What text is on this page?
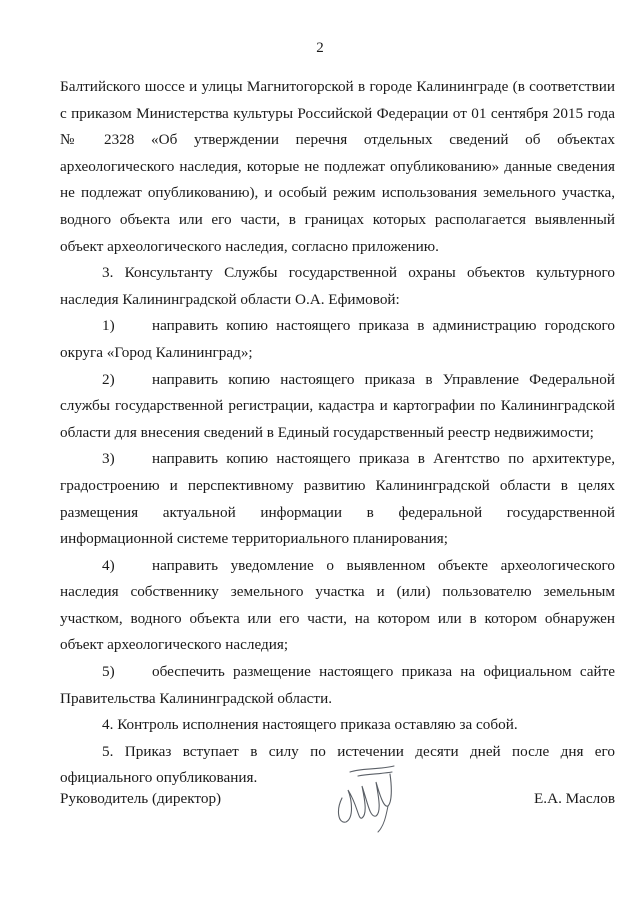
2

Балтийского шоссе и улицы Магнитогорской в городе Калининграде (в соответствии с приказом Министерства культуры Российской Федерации от 01 сентября 2015 года № 2328 «Об утверждении перечня отдельных сведений об объектах археологического наследия, которые не подлежат опубликованию» данные сведения не подлежат опубликованию), и особый режим использования земельного участка, водного объекта или его части, в границах которых располагается выявленный объект археологического наследия, согласно приложению.

3. Консультанту Службы государственной охраны объектов культурного наследия Калининградской области О.А. Ефимовой:

1) направить копию настоящего приказа в администрацию городского округа «Город Калининград»;

2) направить копию настоящего приказа в Управление Федеральной службы государственной регистрации, кадастра и картографии по Калининградской области для внесения сведений в Единый государственный реестр недвижимости;

3) направить копию настоящего приказа в Агентство по архитектуре, градостроению и перспективному развитию Калининградской области в целях размещения актуальной информации в федеральной государственной информационной системе территориального планирования;

4) направить уведомление о выявленном объекте археологического наследия собственнику земельного участка и (или) пользователю земельным участком, водного объекта или его части, на котором или в котором обнаружен объект археологического наследия;

5) обеспечить размещение настоящего приказа на официальном сайте Правительства Калининградской области.

4. Контроль исполнения настоящего приказа оставляю за собой.

5. Приказ вступает в силу по истечении десяти дней после дня его официального опубликования.

Руководитель (директор)	Е.А. Маслов
